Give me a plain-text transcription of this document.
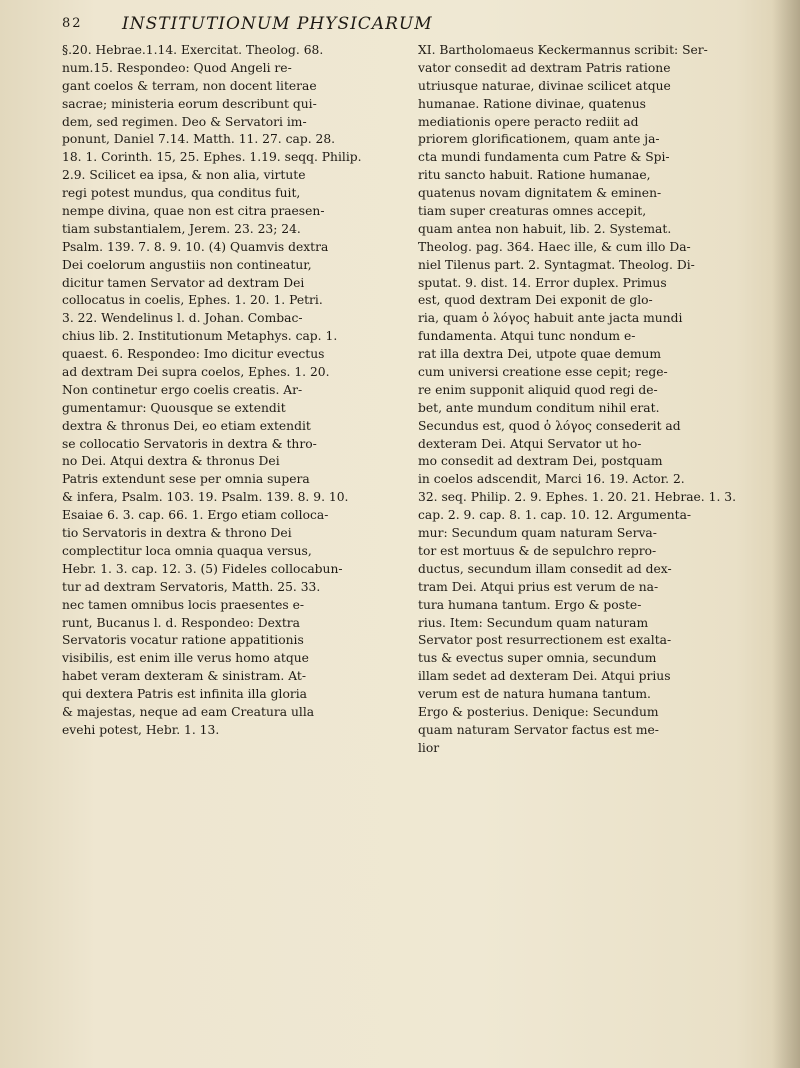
82 INSTITUTIONUM PHYSICARUM
§.20. Hebrae.1.14. Exercitat. Theolog. 68.
num.15. Respondeo: Quod Angeli re-
gant coelos & terram, non docent literae
sacrae; ministeria eorum describunt qui-
dem, sed regimen. Deo & Servatori im-
ponunt, Daniel 7.14. Matth. 11. 27. cap. 28.
18. 1. Corinth. 15, 25. Ephes. 1.19. seqq. Philip.
2.9. Scilicet ea ipsa, & non alia, virtute
regi potest mundus, qua conditus fuit,
nempe divina, quae non est citra praesen-
tiam substantialem, Jerem. 23. 23; 24.
Psalm. 139. 7. 8. 9. 10. (4) Quamvis dextra
Dei coelorum angustiis non contineatur,
dicitur tamen Servator ad dextram Dei
collocatus in coelis, Ephes. 1. 20. 1. Petri.
3. 22. Wendelinus l. d. Johan. Combac-
chius lib. 2. Institutionum Metaphys. cap. 1.
quaest. 6. Respondeo: Imo dicitur evectus
ad dextram Dei supra coelos, Ephes. 1. 20.
Non continetur ergo coelis creatis. Ar-
gumentamur: Quousque se extendit
dextra & thronus Dei, eo etiam extendit
se collocatio Servatoris in dextra & thro-
no Dei. Atqui dextra & thronus Dei
Patris extendunt sese per omnia supera
& infera, Psalm. 103. 19. Psalm. 139. 8. 9. 10.
Esaiae 6. 3. cap. 66. 1. Ergo etiam colloca-
tio Servatoris in dextra & throno Dei
complectitur loca omnia quaqua versus,
Hebr. 1. 3. cap. 12. 3. (5) Fideles collocabun-
tur ad dextram Servatoris, Matth. 25. 33.
nec tamen omnibus locis praesentes e-
runt, Bucanus l. d. Respondeo: Dextra
Servatoris vocatur ratione appatitionis
visibilis, est enim ille verus homo atque
habet veram dexteram & sinistram. At-
qui dextera Patris est infinita illa gloria
& majestas, neque ad eam Creatura ulla
evehi potest, Hebr. 1. 13.
XI. Bartholomaeus Keckermannus scribit: Ser-
vator consedit ad dextram Patris ratione
utriusque naturae, divinae scilicet atque
humanae. Ratione divinae, quatenus
mediationis opere peracto rediit ad
priorem glorificationem, quam ante ja-
cta mundi fundamenta cum Patre & Spi-
ritu sancto habuit. Ratione humanae,
quatenus novam dignitatem & eminen-
tiam super creaturas omnes accepit,
quam antea non habuit, lib. 2. Systemat.
Theolog. pag. 364. Haec ille, & cum illo Da-
niel Tilenus part. 2. Syntagmat. Theolog. Di-
sputat. 9. dist. 14. Error duplex. Primus
est, quod dextram Dei exponit de glo-
ria, quam ὁ λόγος habuit ante jacta mundi
fundamenta. Atqui tunc nondum e-
rat illa dextra Dei, utpote quae demum
cum universi creatione esse cepit; rege-
re enim supponit aliquid quod regi de-
bet, ante mundum conditum nihil erat.
Secundus est, quod ὁ λόγος consederit ad
dexteram Dei. Atqui Servator ut ho-
mo consedit ad dextram Dei, postquam
in coelos adscendit, Marci 16. 19. Actor. 2.
32. seq. Philip. 2. 9. Ephes. 1. 20. 21. Hebrae. 1. 3.
cap. 2. 9. cap. 8. 1. cap. 10. 12. Argumenta-
mur: Secundum quam naturam Serva-
tor est mortuus & de sepulchro repro-
ductus, secundum illam consedit ad dex-
tram Dei. Atqui prius est verum de na-
tura humana tantum. Ergo & poste-
rius. Item: Secundum quam naturam
Servator post resurrectionem est exalta-
tus & evectus super omnia, secundum
illam sedet ad dexteram Dei. Atqui prius
verum est de natura humana tantum.
Ergo & posterius. Denique: Secundum
quam naturam Servator factus est me-
lior
